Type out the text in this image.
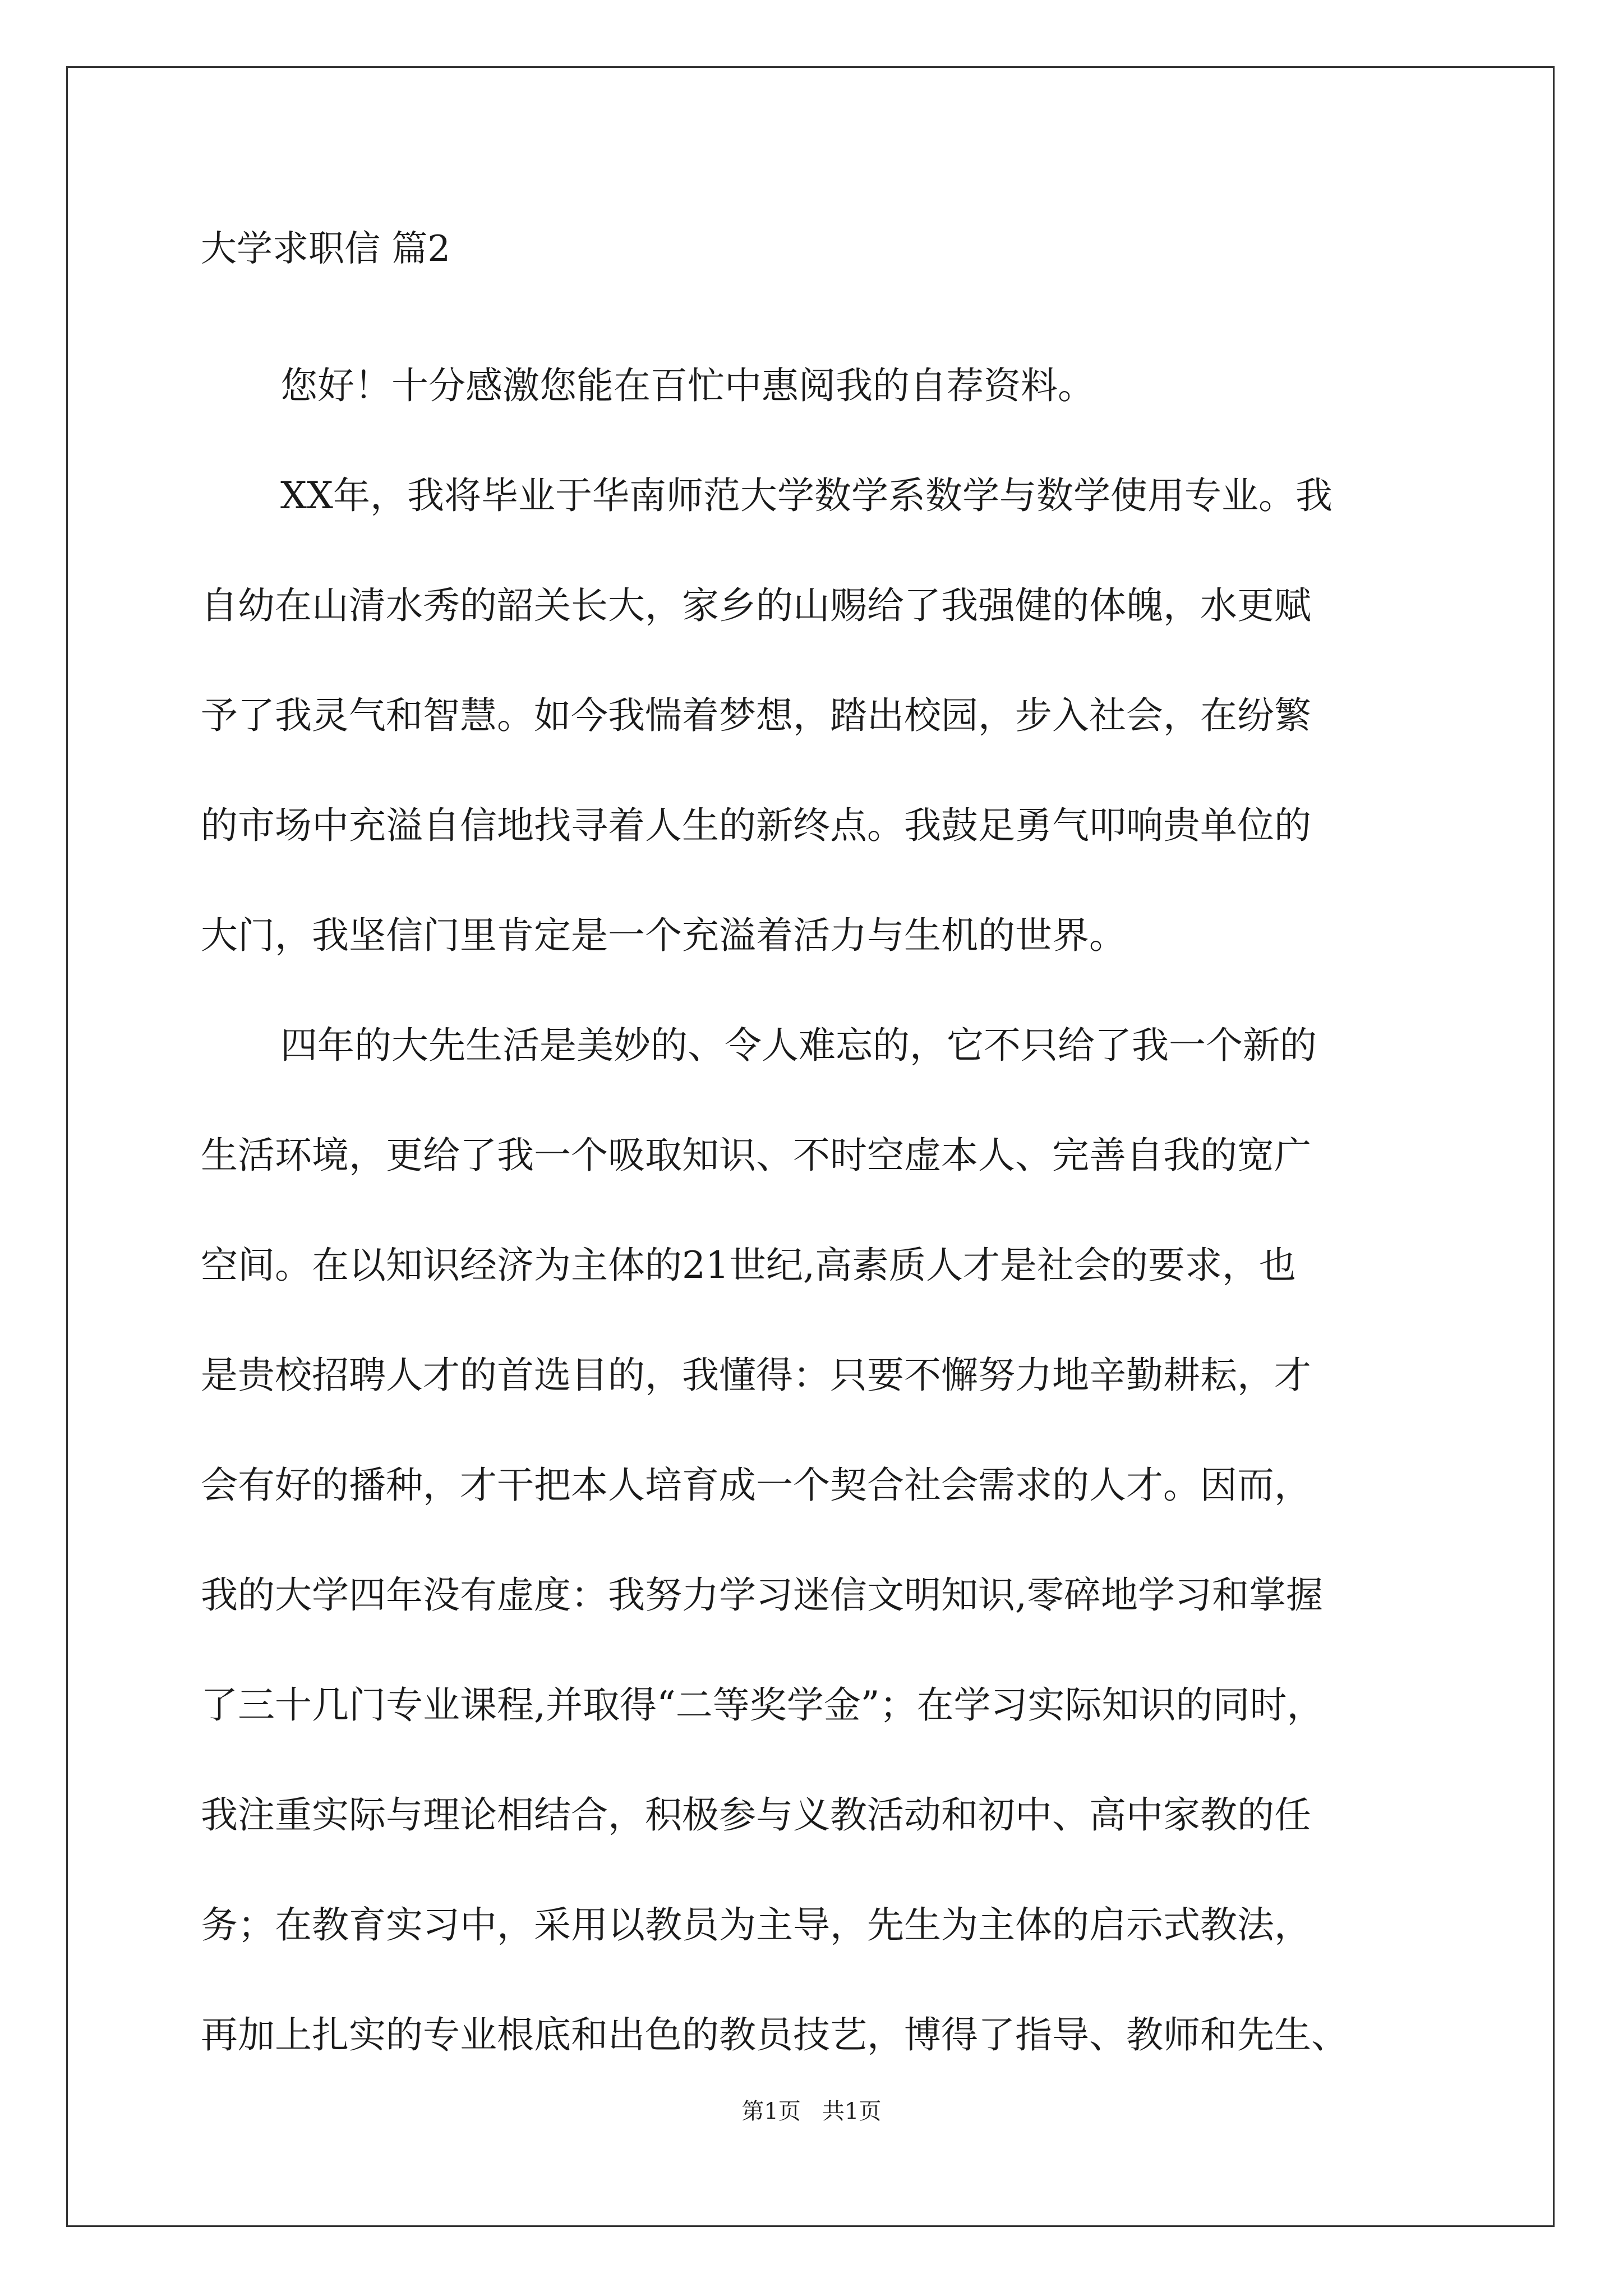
大学求职信 篇2
您好！十分感激您能在百忙中惠阅我的自荐资料。
XX年，我将毕业于华南师范大学数学系数学与数学使用专业。我
自幼在山清水秀的韶关长大，家乡的山赐给了我强健的体魄，水更赋
予了我灵气和智慧。如今我惴着梦想，踏出校园，步入社会，在纷繁
的市场中充溢自信地找寻着人生的新终点。我鼓足勇气叩响贵单位的
大门，我坚信门里肯定是一个充溢着活力与生机的世界。
四年的大先生活是美妙的、令人难忘的，它不只给了我一个新的
生活环境，更给了我一个吸取知识、不时空虚本人、完善自我的宽广
空间。在以知识经济为主体的21世纪,高素质人才是社会的要求，也
是贵校招聘人才的首选目的，我懂得：只要不懈努力地辛勤耕耘，才
会有好的播种，才干把本人培育成一个契合社会需求的人才。因而，
我的大学四年没有虚度：我努力学习迷信文明知识,零碎地学习和掌握
了三十几门专业课程,并取得“二等奖学金”；在学习实际知识的同时，
我注重实际与理论相结合，积极参与义教活动和初中、高中家教的任
务；在教育实习中，采用以教员为主导，先生为主体的启示式教法，
再加上扎实的专业根底和出色的教员技艺，博得了指导、教师和先生、
第1页   共1页
